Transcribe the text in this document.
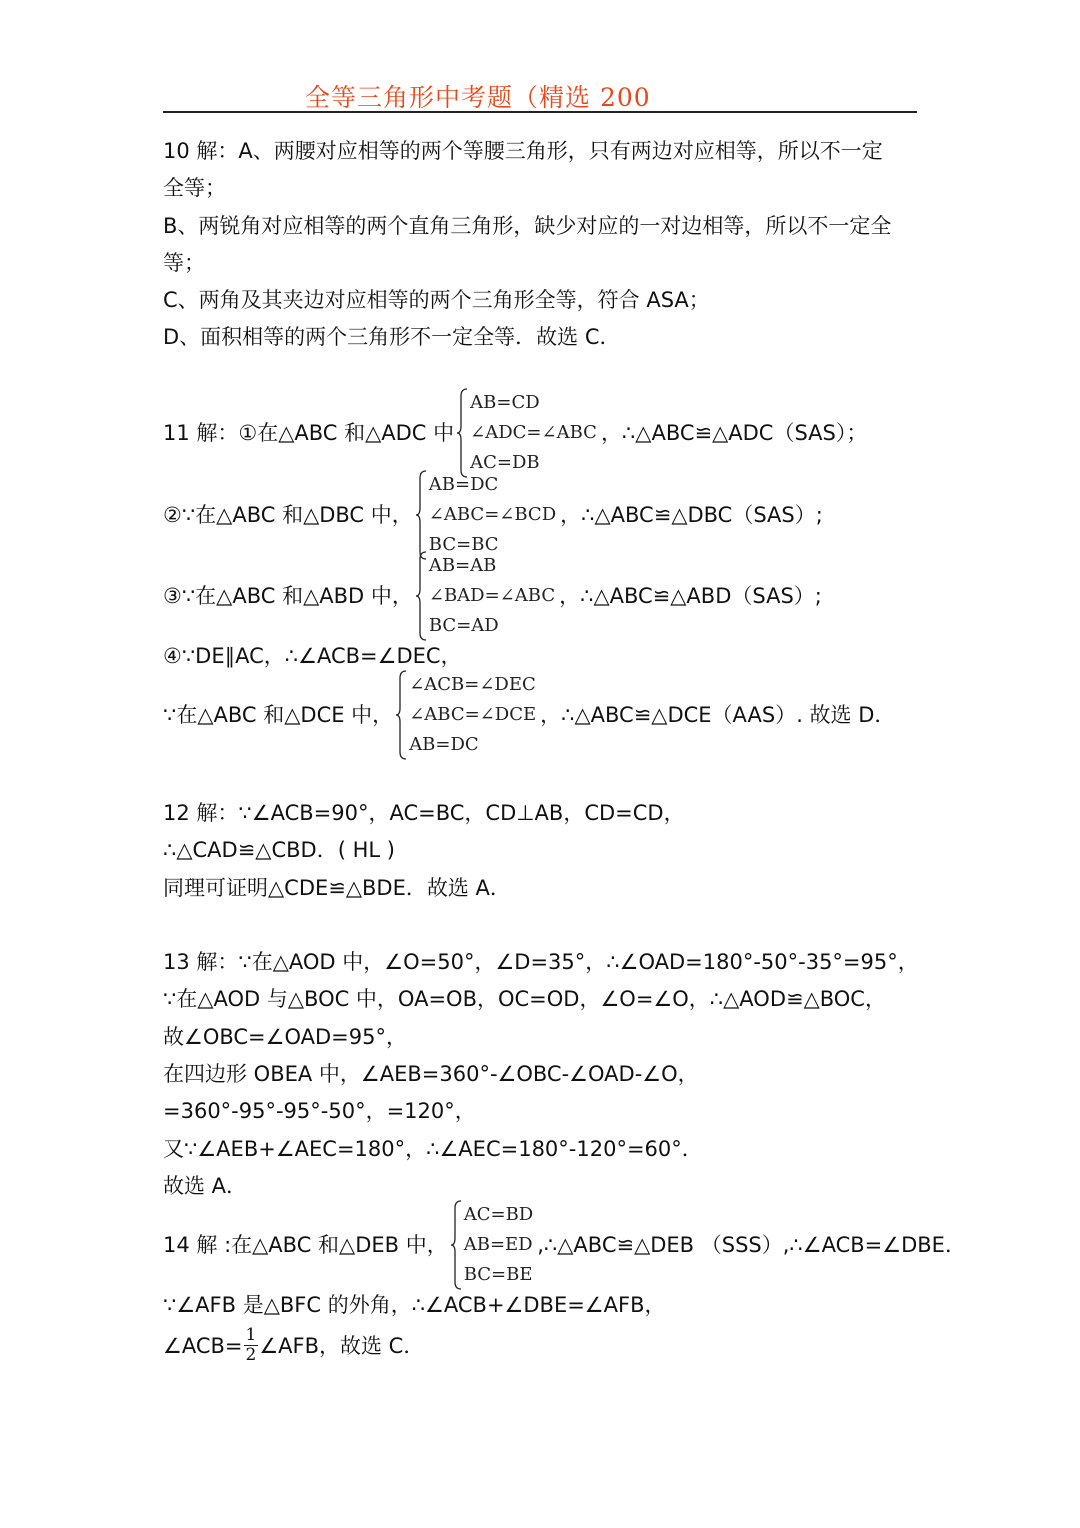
全等三角形中考题（精选 200
10 解：A、两腰对应相等的两个等腰三角形，只有两边对应相等，所以不一定
全等；
B、两锐角对应相等的两个直角三角形，缺少对应的一对边相等，所以不一定全
等；
C、两角及其夹边对应相等的两个三角形全等，符合 ASA；
D、面积相等的两个三角形不一定全等．故选 C．
11 解：①在△ABC 和△ADC 中
AB=CD
∠ADC=∠ABC
AC=DB
，∴△ABC≌△ADC（SAS）；
②∵在△ABC 和△DBC 中，
AB=DC
∠ABC=∠BCD
BC=BC
，∴△ABC≌△DBC（SAS）;
③∵在△ABC 和△ABD 中，
AB=AB
∠BAD=∠ABC
BC=AD
，∴△ABC≌△ABD（SAS）;
④∵DE∥AC，∴∠ACB=∠DEC，
∵在△ABC 和△DCE 中，
∠ACB=∠DEC
∠ABC=∠DCE
AB=DC
，∴△ABC≌△DCE（AAS）. 故选 D．
12 解：∵∠ACB=90°，AC=BC，CD⊥AB，CD=CD，
∴△CAD≌△CBD．( HL )
同理可证明△CDE≌△BDE．故选 A．
13 解：∵在△AOD 中，∠O=50°，∠D=35°，∴∠OAD=180°-50°-35°=95°，
∵在△AOD 与△BOC 中，OA=OB，OC=OD，∠O=∠O，∴△AOD≌△BOC，
故∠OBC=∠OAD=95°，
在四边形 OBEA 中，∠AEB=360°-∠OBC-∠OAD-∠O，
=360°-95°-95°-50°，=120°，
又∵∠AEB+∠AEC=180°，∴∠AEC=180°-120°=60°．
故选 A．
14 解 :在△ABC 和△DEB 中，
AC=BD
AB=ED
BC=BE
,∴△ABC≌△DEB （SSS）,∴∠ACB=∠DBE．
∵∠AFB 是△BFC 的外角，∴∠ACB+∠DBE=∠AFB，
∠ACB= $\frac{1}{2}$ ∠AFB，故选 C．
